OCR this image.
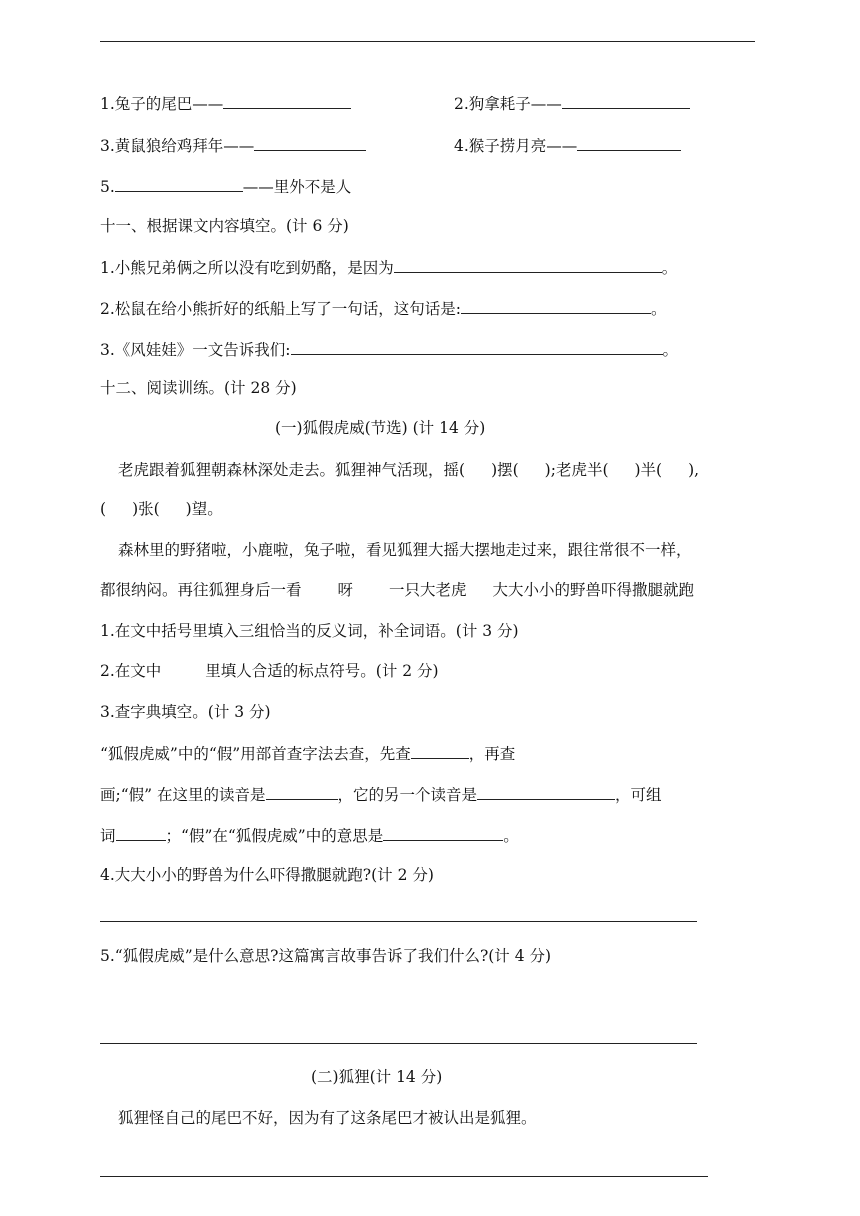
1.兔子的尾巴——	2.狗拿耗子——
3.黄鼠狼给鸡拜年——	4.猴子捞月亮——
5.	——里外不是人
十一、根据课文内容填空。(计 6 分)
1.小熊兄弟俩之所以没有吃到奶酪，是因为	。
2.松鼠在给小熊折好的纸船上写了一句话，这句话是:	。
3.《风娃娃》一文告诉我们:	。
十二、阅读训练。(计 28 分)
(一)狐假虎威(节选) (计 14 分)
老虎跟着狐狸朝森林深处走去。狐狸神气活现，摇( )摆( );老虎半( )半( ),
( )张( )望。
森林里的野猪啦，小鹿啦，兔子啦，看见狐狸大摇大摆地走过来，跟往常很不一样，
都很纳闷。再往狐狸身后一看 呀 一只大老虎 大大小小的野兽吓得撒腿就跑
1.在文中括号里填入三组恰当的反义词，补全词语。(计 3 分)
2.在文中	里填人合适的标点符号。(计 2 分)
3.查字典填空。(计 3 分)
“狐假虎威”中的“假”用部首查字法去查，先查	，再查
画;“假” 在这里的读音是	，它的另一个读音是	，可组
词	；“假”在“狐假虎威”中的意思是	。
4.大大小小的野兽为什么吓得撒腿就跑?(计 2 分)
5.“狐假虎威”是什么意思?这篇寓言故事告诉了我们什么?(计 4 分)
(二)狐狸(计 14 分)
狐狸怪自己的尾巴不好，因为有了这条尾巴才被认出是狐狸。
